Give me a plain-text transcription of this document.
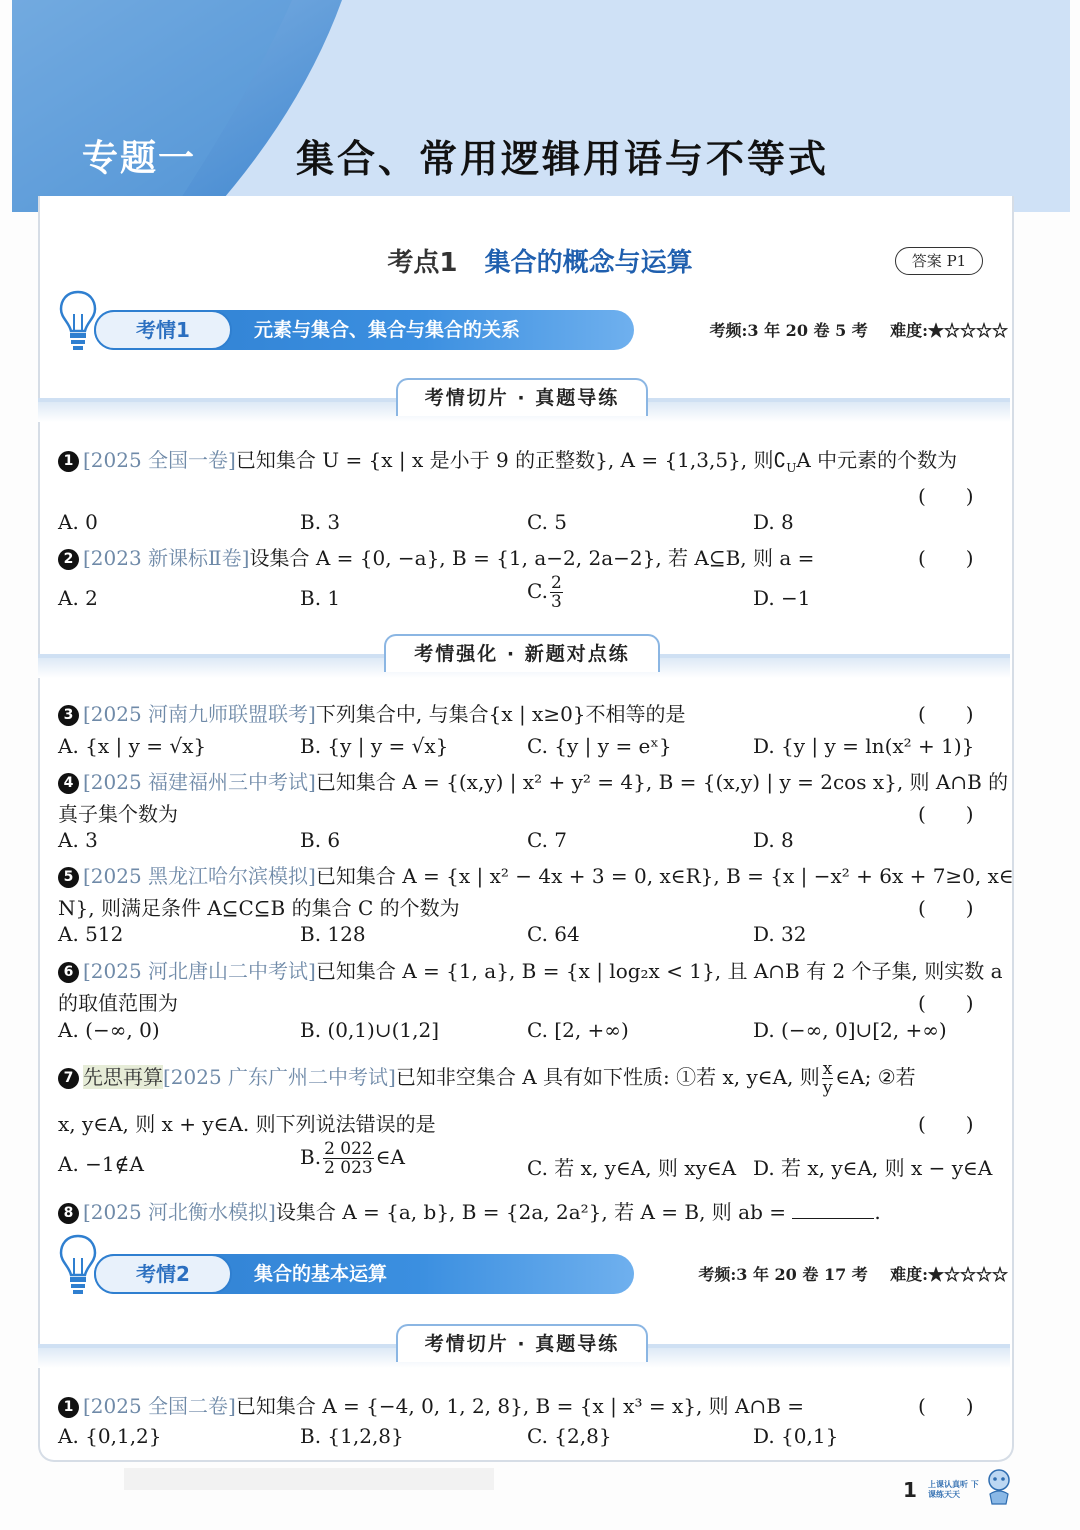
专题一	集合、常用逻辑用语与不等式
考点1 集合的概念与运算	答案 P1
考情1	元素与集合、集合与集合的关系	考频:3 年 20 卷 5 考 难度:★☆☆☆☆
考情切片 · 真题导练
1 [2025 全国一卷]已知集合 U = {x | x 是小于 9 的正整数}, A = {1,3,5}, 则$∁_UA$ 中元素的个数为
(　　)
A. 0	B. 3	C. 5	D. 8
2 [2023 新课标Ⅱ卷]设集合 A = {0, −a}, B = {1, a−2, 2a−2}, 若 A⊆B, 则 a =	(　　)
A. 2	B. 1	C. $\frac{2}{3}$	D. −1
考情强化 · 新题对点练
3 [2025 河南九师联盟联考]下列集合中, 与集合{x | x≥0}不相等的是	(　　)
A. {x | y = √x}	B. {y | y = √x}	C. {y | y = eˣ}	D. {y | y = ln(x² + 1)}
4 [2025 福建福州三中考试]已知集合 A = {(x,y) | x² + y² = 4}, B = {(x,y) | y = 2cos x}, 则 A∩B 的
真子集个数为	(　　)
A. 3	B. 6	C. 7	D. 8
5 [2025 黑龙江哈尔滨模拟]已知集合 A = {x | x² − 4x + 3 = 0, x∈R}, B = {x | −x² + 6x + 7≥0, x∈
N}, 则满足条件 A⊆C⊆B 的集合 C 的个数为	(　　)
A. 512	B. 128	C. 64	D. 32
6 [2025 河北唐山二中考试]已知集合 A = {1, a}, B = {x | log₂x < 1}, 且 A∩B 有 2 个子集, 则实数 a
的取值范围为	(　　)
A. (−∞, 0)	B. (0,1)∪(1,2]	C. [2, +∞)	D. (−∞, 0]∪[2, +∞)
7 先思再算[2025 广东广州二中考试]已知非空集合 A 具有如下性质: ①若 x, y∈A, 则 $\frac{x}{y}$ ∈A; ②若
x, y∈A, 则 x + y∈A. 则下列说法错误的是	(　　)
A. −1∉A	B. $\frac{2 022}{2 023}$ ∈A	C. 若 x, y∈A, 则 xy∈A D. 若 x, y∈A, 则 x − y∈A
8 [2025 河北衡水模拟]设集合 A = {a, b}, B = {2a, 2a²}, 若 A = B, 则 ab =	.
考情2	集合的基本运算	考频:3 年 20 卷 17 考 难度:★☆☆☆☆
考情切片 · 真题导练
1 [2025 全国二卷]已知集合 A = {−4, 0, 1, 2, 8}, B = {x | x³ = x}, 则 A∩B =	(　　)
A. {0,1,2}	B. {1,2,8}	C. {2,8}	D. {0,1}
1 上课认真听 下课练天天
